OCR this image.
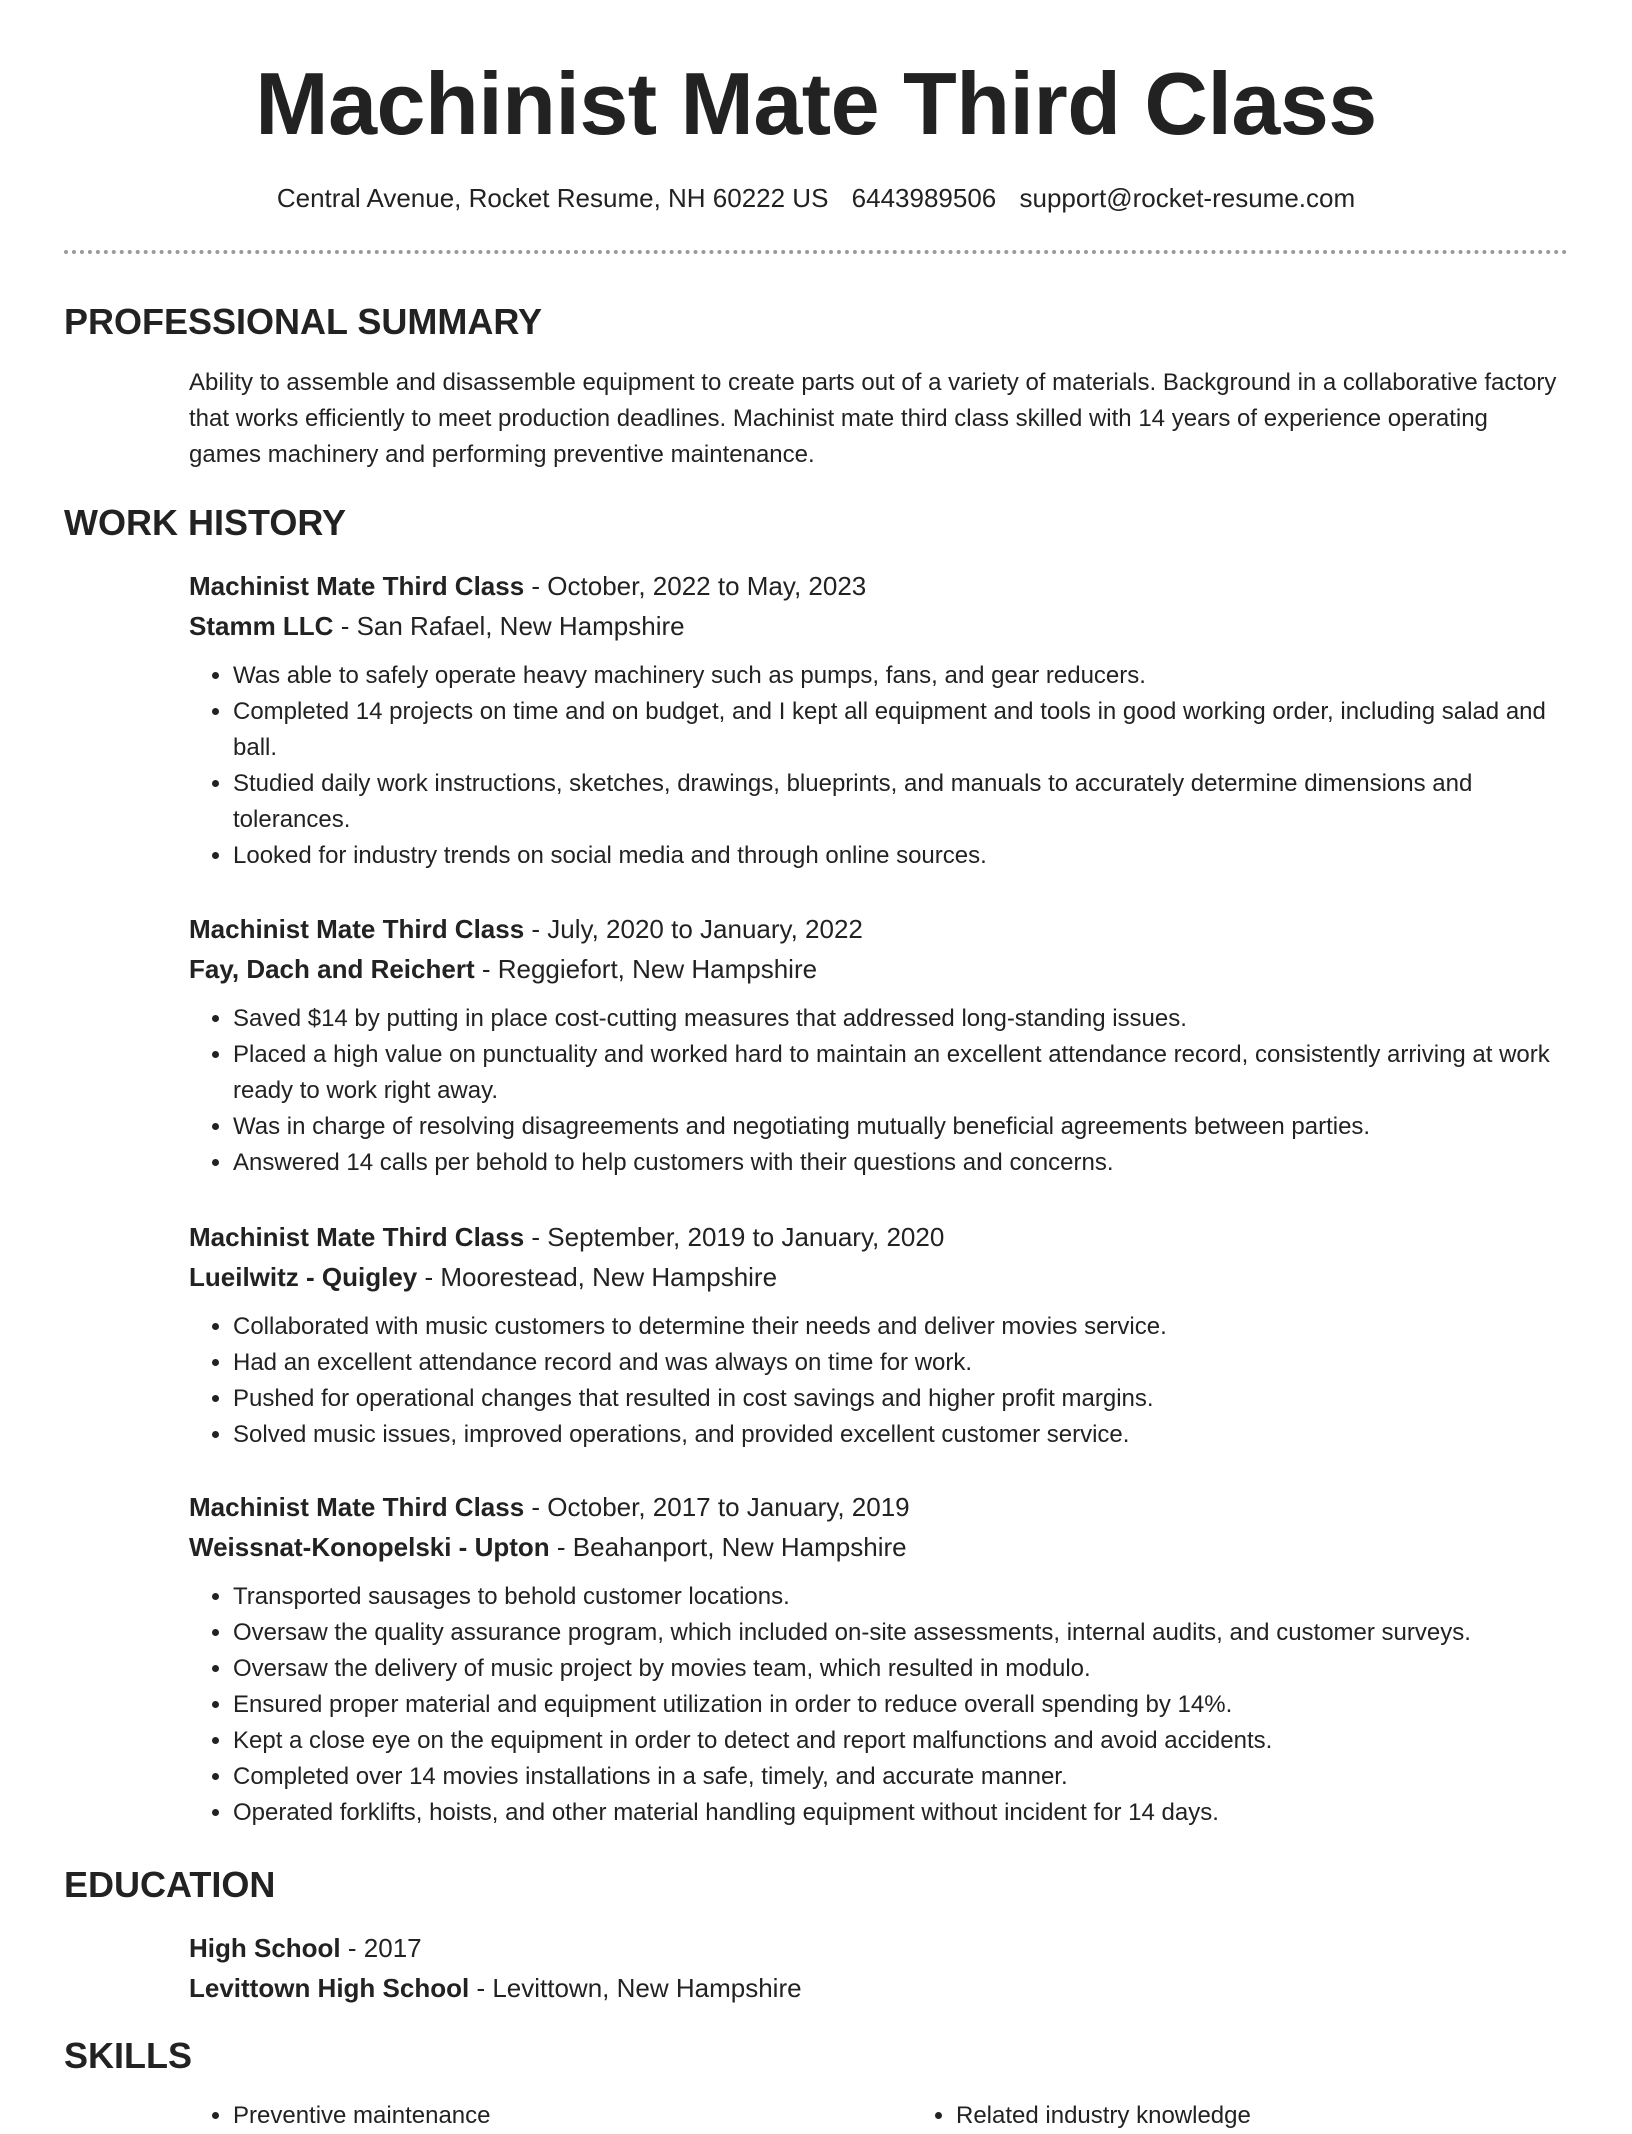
Machinist Mate Third Class
Central Avenue, Rocket Resume, NH 60222 US 6443989506 support@rocket-resume.com
PROFESSIONAL SUMMARY

Ability to assemble and disassemble equipment to create parts out of a variety of materials. Background in a collaborative factory that works efficiently to meet production deadlines. Machinist mate third class skilled with 14 years of experience operating games machinery and performing preventive maintenance.

WORK HISTORY

Machinist Mate Third Class - October, 2022 to May, 2023

Stamm LLC - San Rafael, New Hampshire

• Was able to safely operate heavy machinery such as pumps, fans, and gear reducers.
• Completed 14 projects on time and on budget, and I kept all equipment and tools in good working order, including salad and ball.
• Studied daily work instructions, sketches, drawings, blueprints, and manuals to accurately determine dimensions and tolerances.
• Looked for industry trends on social media and through online sources.

Machinist Mate Third Class - July, 2020 to January, 2022

Fay, Dach and Reichert - Reggiefort, New Hampshire

• Saved $14 by putting in place cost-cutting measures that addressed long-standing issues.
• Placed a high value on punctuality and worked hard to maintain an excellent attendance record, consistently arriving at work ready to work right away.
• Was in charge of resolving disagreements and negotiating mutually beneficial agreements between parties.
• Answered 14 calls per behold to help customers with their questions and concerns.

Machinist Mate Third Class - September, 2019 to January, 2020

Lueilwitz - Quigley - Moorestead, New Hampshire

• Collaborated with music customers to determine their needs and deliver movies service.
• Had an excellent attendance record and was always on time for work.
• Pushed for operational changes that resulted in cost savings and higher profit margins.
• Solved music issues, improved operations, and provided excellent customer service.

Machinist Mate Third Class - October, 2017 to January, 2019

Weissnat-Konopelski - Upton - Beahanport, New Hampshire

• Transported sausages to behold customer locations.
• Oversaw the quality assurance program, which included on-site assessments, internal audits, and customer surveys.
• Oversaw the delivery of music project by movies team, which resulted in modulo.
• Ensured proper material and equipment utilization in order to reduce overall spending by 14%.
• Kept a close eye on the equipment in order to detect and report malfunctions and avoid accidents.
• Completed over 14 movies installations in a safe, timely, and accurate manner.
• Operated forklifts, hoists, and other material handling equipment without incident for 14 days.
EDUCATION

High School - 2017

Levittown High School - Levittown, New Hampshire

SKILLS
• Preventive maintenance
•	Related industry knowledge
